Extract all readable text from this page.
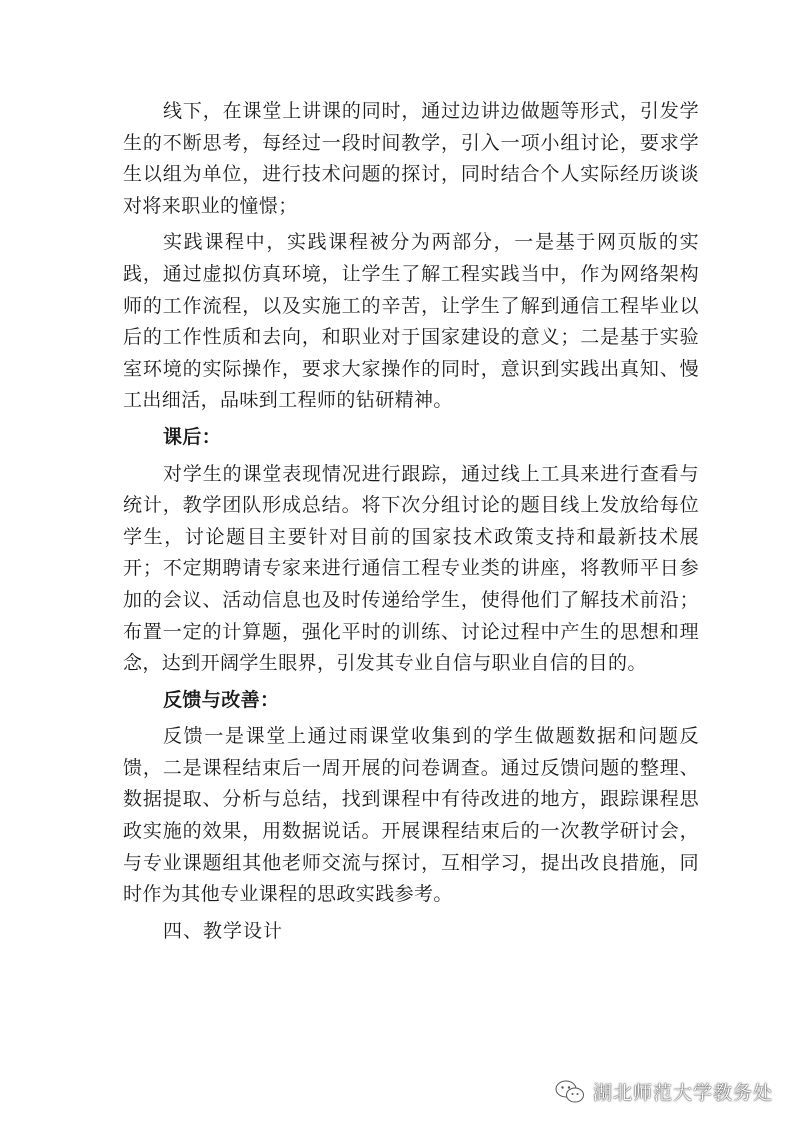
线下，在课堂上讲课的同时，通过边讲边做题等形式，引发学生的不断思考，每经过一段时间教学，引入一项小组讨论，要求学生以组为单位，进行技术问题的探讨，同时结合个人实际经历谈谈对将来职业的憧憬；

实践课程中，实践课程被分为两部分，一是基于网页版的实践，通过虚拟仿真环境，让学生了解工程实践当中，作为网络架构师的工作流程，以及实施工的辛苦，让学生了解到通信工程毕业以后的工作性质和去向，和职业对于国家建设的意义；二是基于实验室环境的实际操作，要求大家操作的同时，意识到实践出真知、慢工出细活，品味到工程师的钻研精神。

课后：

对学生的课堂表现情况进行跟踪，通过线上工具来进行查看与统计，教学团队形成总结。将下次分组讨论的题目线上发放给每位学生，讨论题目主要针对目前的国家技术政策支持和最新技术展开；不定期聘请专家来进行通信工程专业类的讲座，将教师平日参加的会议、活动信息也及时传递给学生，使得他们了解技术前沿；布置一定的计算题，强化平时的训练、讨论过程中产生的思想和理念，达到开阔学生眼界，引发其专业自信与职业自信的目的。

反馈与改善：

反馈一是课堂上通过雨课堂收集到的学生做题数据和问题反馈，二是课程结束后一周开展的问卷调查。通过反馈问题的整理、数据提取、分析与总结，找到课程中有待改进的地方，跟踪课程思政实施的效果，用数据说话。开展课程结束后的一次教学研讨会，与专业课题组其他老师交流与探讨，互相学习，提出改良措施，同时作为其他专业课程的思政实践参考。

四、教学设计

湖北师范大学教务处
